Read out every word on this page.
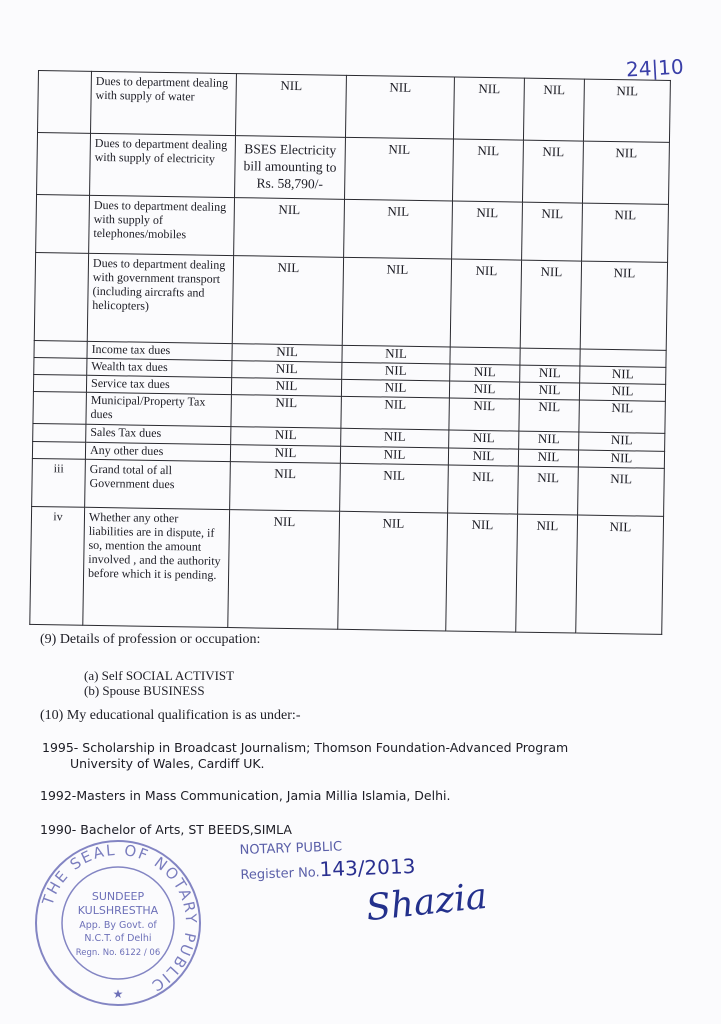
24|10
	Dues to department dealing with supply of water	NIL	NIL	NIL	NIL	NIL
	Dues to department dealing with supply of electricity	BSES Electricity bill amounting to Rs. 58,790/-	NIL	NIL	NIL	NIL
	Dues to department dealing with supply of telephones/mobiles	NIL	NIL	NIL	NIL	NIL
	Dues to department dealing with government transport (including aircrafts and helicopters)	NIL	NIL	NIL	NIL	NIL
	Income tax dues	NIL	NIL			
	Wealth tax dues	NIL	NIL	NIL	NIL	NIL
	Service tax dues	NIL	NIL	NIL	NIL	NIL
	Municipal/Property Tax dues	NIL	NIL	NIL	NIL	NIL
	Sales Tax dues	NIL	NIL	NIL	NIL	NIL
	Any other dues	NIL	NIL	NIL	NIL	NIL
iii	Grand total of all Government dues	NIL	NIL	NIL	NIL	NIL
iv	Whether any other liabilities are in dispute, if so, mention the amount involved , and the authority before which it is pending.	NIL	NIL	NIL	NIL	NIL
(9) Details of profession or occupation:
(a) Self SOCIAL ACTIVIST
(b) Spouse BUSINESS
(10) My educational qualification is as under:-
1995- Scholarship in Broadcast Journalism; Thomson Foundation-Advanced Program
University of Wales, Cardiff UK.
1992-Masters in Mass Communication, Jamia Millia Islamia, Delhi.
1990- Bachelor of Arts, ST BEEDS,SIMLA
THE SEAL OF NOTARY PUBLIC
SUNDEEP
KULSHRESTHA
App. By Govt. of
N.C.T. of Delhi
Regn. No. 6122 / 06
★
NOTARY PUBLIC
Register No.143/2013
Shazia
